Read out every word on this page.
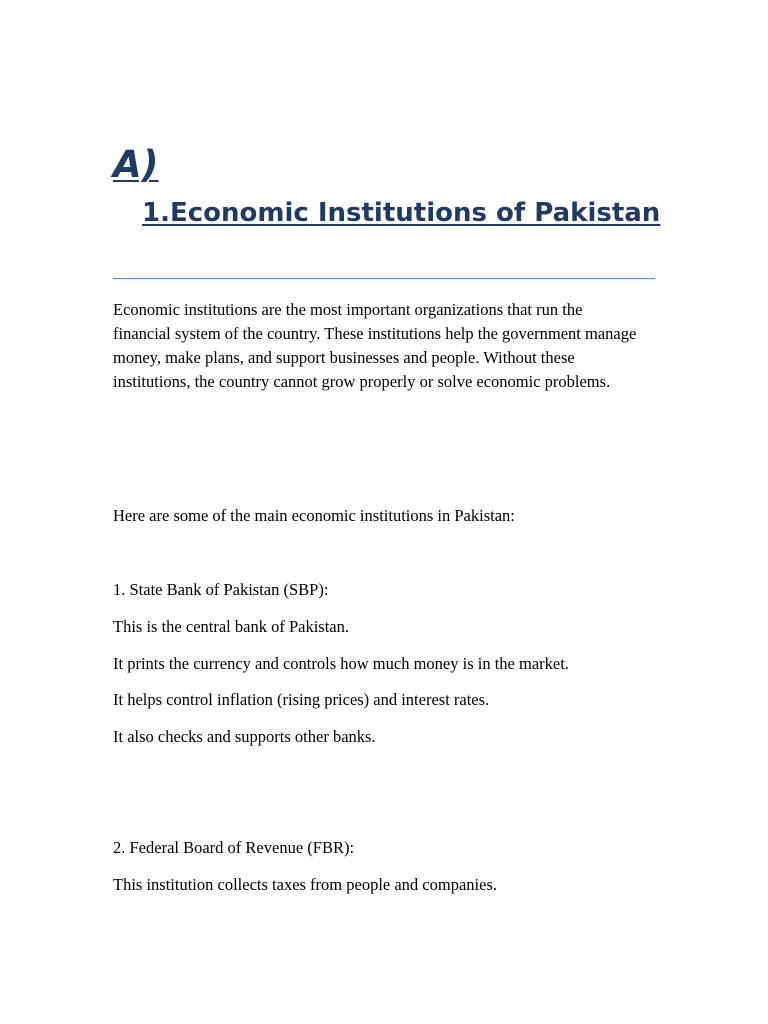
A)
1.Economic Institutions of Pakistan

Economic institutions are the most important organizations that run the financial system of the country. These institutions help the government manage money, make plans, and support businesses and people. Without these institutions, the country cannot grow properly or solve economic problems.

Here are some of the main economic institutions in Pakistan:

1. State Bank of Pakistan (SBP):

This is the central bank of Pakistan.

It prints the currency and controls how much money is in the market.

It helps control inflation (rising prices) and interest rates.

It also checks and supports other banks.

2. Federal Board of Revenue (FBR):

This institution collects taxes from people and companies.
